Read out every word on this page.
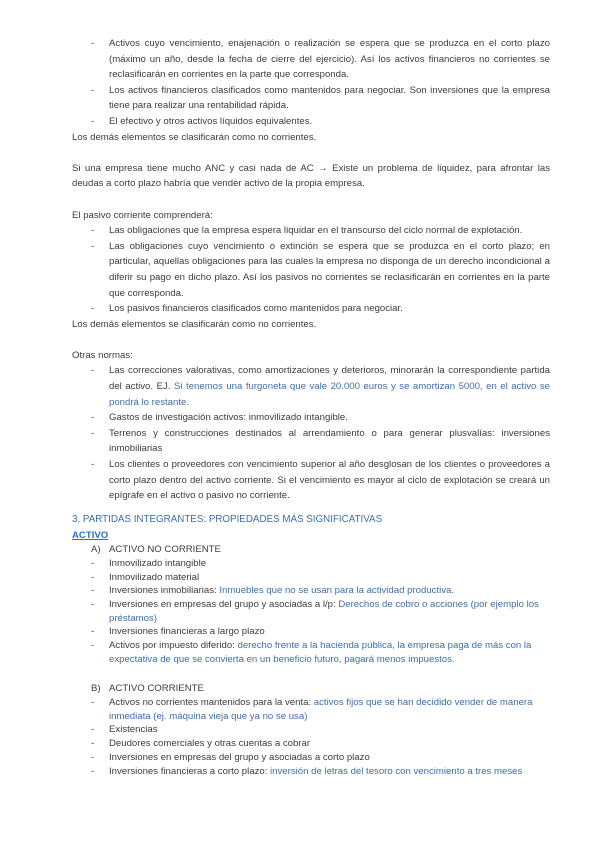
- Activos cuyo vencimiento, enajenación o realización se espera que se produzca en el corto plazo (máximo un año, desde la fecha de cierre del ejercicio). Así los activos financieros no corrientes se reclasificarán en corrientes en la parte que corresponda.
- Los activos financieros clasificados como mantenidos para negociar. Son inversiones que la empresa tiene para realizar una rentabilidad rápida.
- El efectivo y otros activos líquidos equivalentes.

Los demás elementos se clasificarán como no corrientes.

Si una empresa tiene mucho ANC y casi nada de AC → Existe un problema de liquidez, para afrontar las deudas a corto plazo habría que vender activo de la propia empresa.

El pasivo corriente comprenderá:

- Las obligaciones que la empresa espera liquidar en el transcurso del ciclo normal de explotación.
- Las obligaciones cuyo vencimiento o extinción se espera que se produzca en el corto plazo; en particular, aquellas obligaciones para las cuales la empresa no disponga de un derecho incondicional a diferir su pago en dicho plazo. Así los pasivos no corrientes se reclasificarán en corrientes en la parte que corresponda.
- Los pasivos financieros clasificados como mantenidos para negociar.

Los demás elementos se clasificarán como no corrientes.

Otras normas:

- Las correcciones valorativas, como amortizaciones y deterioros, minorarán la correspondiente partida del activo. EJ. Si tenemos una furgoneta que vale 20.000 euros y se amortizan 5000, en el activo se pondrá lo restante.
- Gastos de investigación activos: inmovilizado intangible.
- Terrenos y construcciones destinados al arrendamiento o para generar plusvalías: inversiones inmobiliarias
- Los clientes o proveedores con vencimiento superior al año desglosan de los clientes o proveedores a corto plazo dentro del activo corriente. Si el vencimiento es mayor al ciclo de explotación se creará un epígrafe en el activo o pasivo no corriente.
3. PARTIDAS INTEGRANTES: PROPIEDADES MÁS SIGNIFICATIVAS
ACTIVO
A) ACTIVO NO CORRIENTE
- Inmovilizado intangible
- Inmovilizado material
- Inversiones inmobiliarias: Inmuebles que no se usan para la actividad productiva.
- Inversiones en empresas del grupo y asociadas a l/p: Derechos de cobro o acciones (por ejemplo los préstamos)
- Inversiones financieras a largo plazo
- Activos por impuesto diferido: derecho frente a la hacienda pública, la empresa paga de más con la expectativa de que se convierta en un beneficio futuro, pagará menos impuestos.
B) ACTIVO CORRIENTE
- Activos no corrientes mantenidos para la venta: activos fijos que se han decidido vender de manera inmediata (ej. máquina vieja que ya no se usa)
- Existencias
- Deudores comerciales y otras cuentas a cobrar
- Inversiones en empresas del grupo y asociadas a corto plazo
- Inversiones financieras a corto plazo: inversión de letras del tesoro con vencimiento a tres meses
